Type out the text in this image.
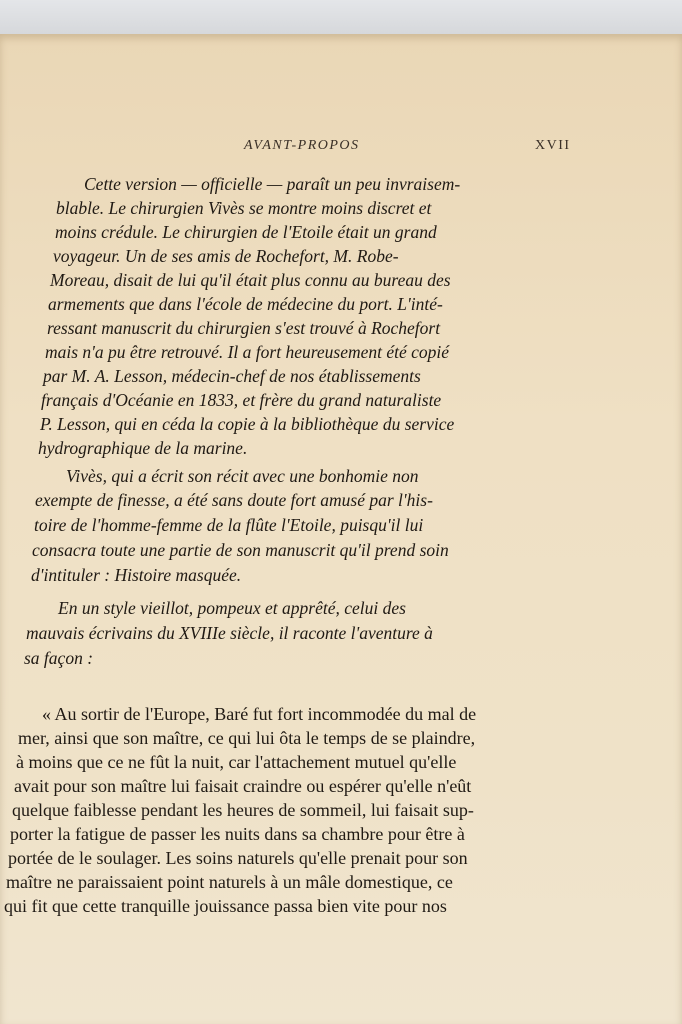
AVANT-PROPOS	XVII
Cette version — officielle — paraît un peu invraisem-
blable. Le chirurgien Vivès se montre moins discret et
moins crédule. Le chirurgien de l'Etoile était un grand
voyageur. Un de ses amis de Rochefort, M. Robe-
Moreau, disait de lui qu'il était plus connu au bureau des
armements que dans l'école de médecine du port. L'inté-
ressant manuscrit du chirurgien s'est trouvé à Rochefort
mais n'a pu être retrouvé. Il a fort heureusement été copié
par M. A. Lesson, médecin-chef de nos établissements
français d'Océanie en 1833, et frère du grand naturaliste
P. Lesson, qui en céda la copie à la bibliothèque du service
hydrographique de la marine.
Vivès, qui a écrit son récit avec une bonhomie non
exempte de finesse, a été sans doute fort amusé par l'his-
toire de l'homme-femme de la flûte l'Etoile, puisqu'il lui
consacra toute une partie de son manuscrit qu'il prend soin
d'intituler : Histoire masquée.
En un style vieillot, pompeux et apprêté, celui des
mauvais écrivains du XVIIIe siècle, il raconte l'aventure à
sa façon :
« Au sortir de l'Europe, Baré fut fort incommodée du mal de
mer, ainsi que son maître, ce qui lui ôta le temps de se plaindre,
à moins que ce ne fût la nuit, car l'attachement mutuel qu'elle
avait pour son maître lui faisait craindre ou espérer qu'elle n'eût
quelque faiblesse pendant les heures de sommeil, lui faisait sup-
porter la fatigue de passer les nuits dans sa chambre pour être à
portée de le soulager. Les soins naturels qu'elle prenait pour son
maître ne paraissaient point naturels à un mâle domestique, ce
qui fit que cette tranquille jouissance passa bien vite pour nos
